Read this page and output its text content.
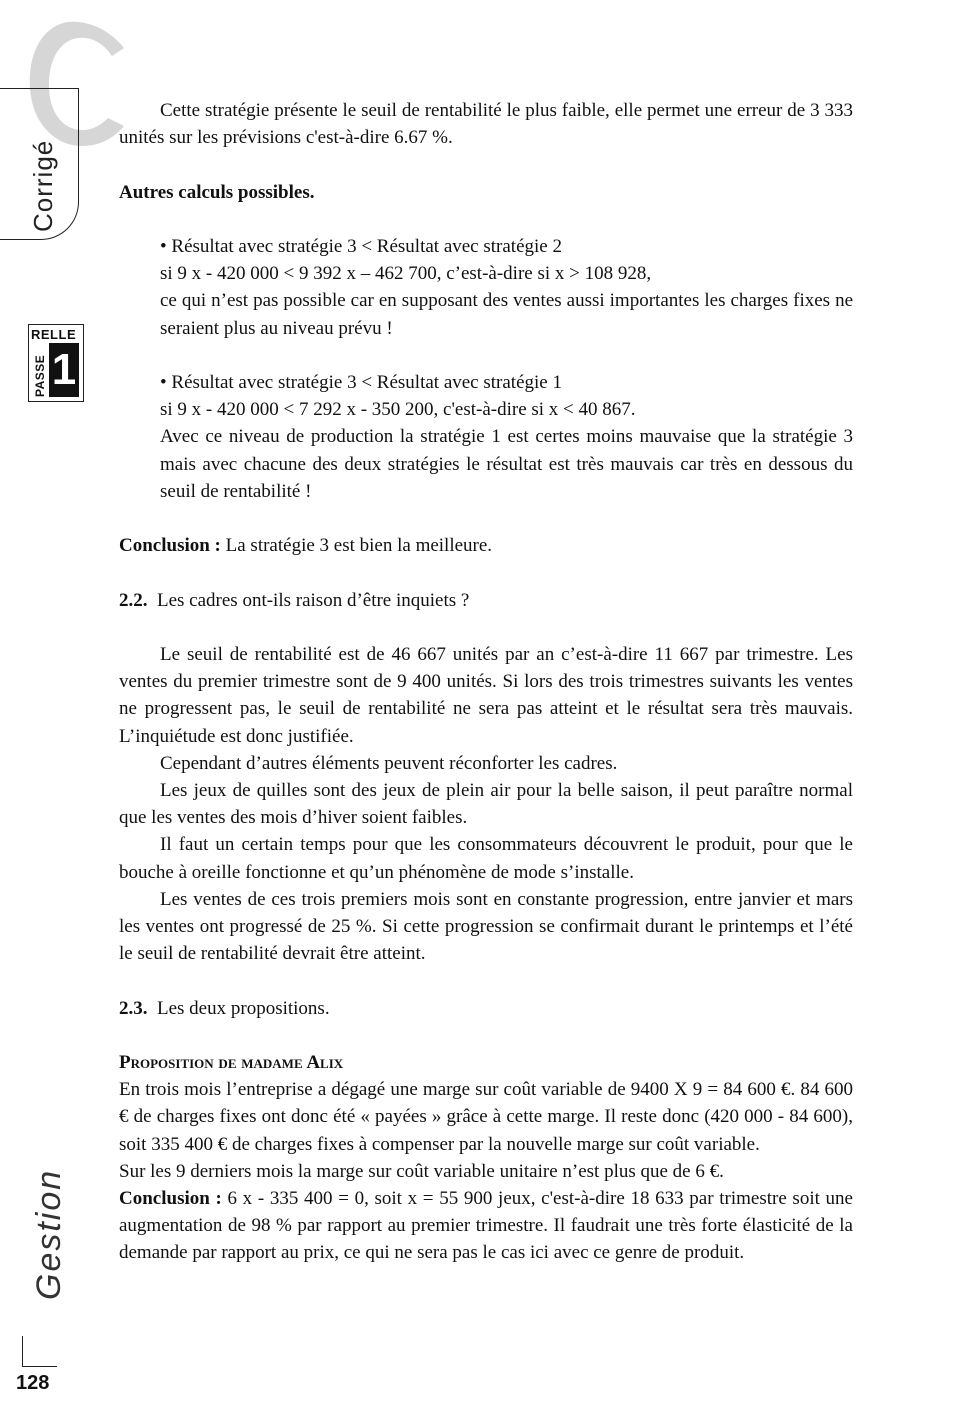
Corrigé
RELLE
PASSE 1
Gestion
128

Cette stratégie présente le seuil de rentabilité le plus faible, elle permet une erreur de 3 333 unités sur les prévisions c'est-à-dire 6.67 %.

Autres calculs possibles.

• Résultat avec stratégie 3 < Résultat avec stratégie 2

si 9 x - 420 000 < 9 392 x – 462 700, c’est-à-dire si x > 108 928,

ce qui n’est pas possible car en supposant des ventes aussi importantes les charges fixes ne seraient plus au niveau prévu !

• Résultat avec stratégie 3 < Résultat avec stratégie 1

si 9 x - 420 000 < 7 292 x - 350 200, c'est-à-dire si x < 40 867.

Avec ce niveau de production la stratégie 1 est certes moins mauvaise que la stratégie 3 mais avec chacune des deux stratégies le résultat est très mauvais car très en dessous du seuil de rentabilité !

Conclusion : La stratégie 3 est bien la meilleure.

2.2. Les cadres ont-ils raison d’être inquiets ?

Le seuil de rentabilité est de 46 667 unités par an c’est-à-dire 11 667 par trimestre. Les ventes du premier trimestre sont de 9 400 unités. Si lors des trois trimestres suivants les ventes ne progressent pas, le seuil de rentabilité ne sera pas atteint et le résultat sera très mauvais. L’inquiétude est donc justifiée.

Cependant d’autres éléments peuvent réconforter les cadres.

Les jeux de quilles sont des jeux de plein air pour la belle saison, il peut paraître normal que les ventes des mois d’hiver soient faibles.

Il faut un certain temps pour que les consommateurs découvrent le produit, pour que le bouche à oreille fonctionne et qu’un phénomène de mode s’installe.

Les ventes de ces trois premiers mois sont en constante progression, entre janvier et mars les ventes ont progressé de 25 %. Si cette progression se confirmait durant le printemps et l’été le seuil de rentabilité devrait être atteint.

2.3. Les deux propositions.

Proposition de madame Alix

En trois mois l’entreprise a dégagé une marge sur coût variable de 9400 X 9 = 84 600 €. 84 600 € de charges fixes ont donc été « payées » grâce à cette marge. Il reste donc (420 000 - 84 600), soit 335 400 € de charges fixes à compenser par la nouvelle marge sur coût variable.

Sur les 9 derniers mois la marge sur coût variable unitaire n’est plus que de 6 €.

Conclusion : 6 x - 335 400 = 0, soit x = 55 900 jeux, c'est-à-dire 18 633 par trimestre soit une augmentation de 98 % par rapport au premier trimestre. Il faudrait une très forte élasticité de la demande par rapport au prix, ce qui ne sera pas le cas ici avec ce genre de produit.
